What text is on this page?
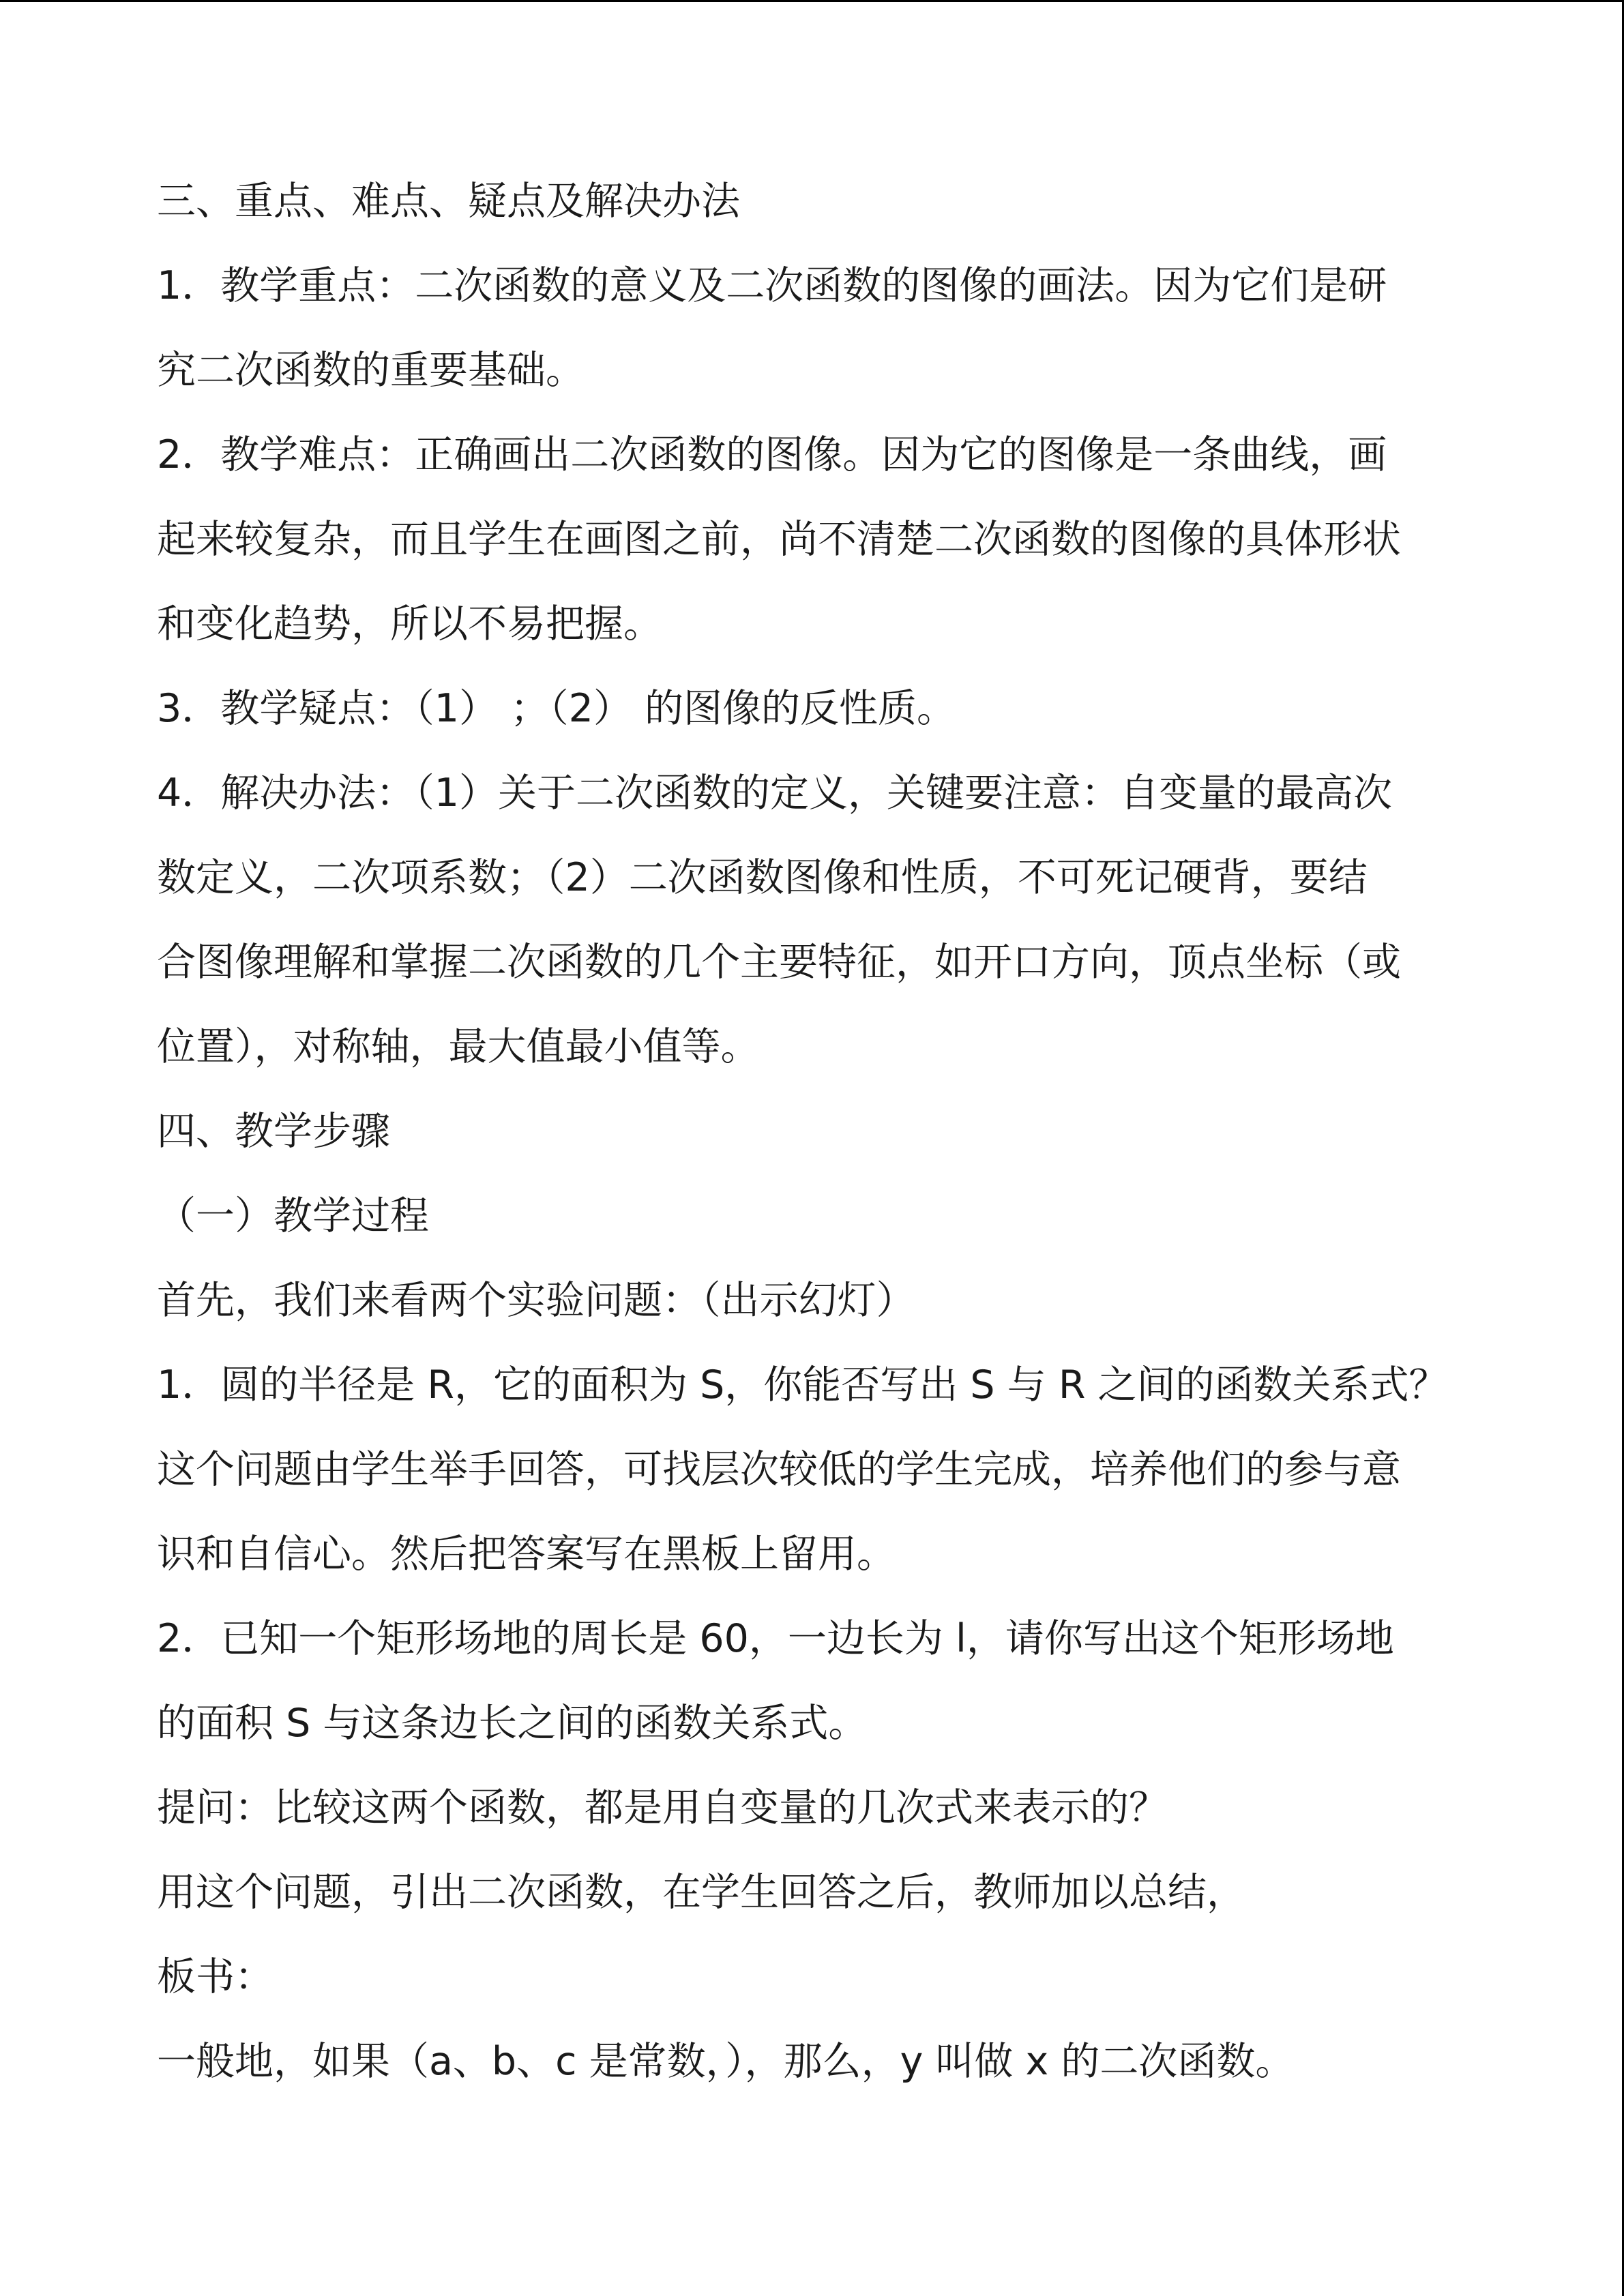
三、重点、难点、疑点及解决办法

1．教学重点：二次函数的意义及二次函数的图像的画法。因为它们是研

究二次函数的重要基础。

2．教学难点：正确画出二次函数的图像。因为它的图像是一条曲线，画

起来较复杂，而且学生在画图之前，尚不清楚二次函数的图像的具体形状

和变化趋势，所以不易把握。

3．教学疑点：（1） ；（2） 的图像的反性质。

4．解决办法：（1）关于二次函数的定义，关键要注意：自变量的最高次

数定义，二次项系数；（2）二次函数图像和性质，不可死记硬背，要结

合图像理解和掌握二次函数的几个主要特征，如开口方向，顶点坐标（或

位置），对称轴，最大值最小值等。

四、教学步骤

（一）教学过程

首先，我们来看两个实验问题：（出示幻灯）

1．圆的半径是 R，它的面积为 S，你能否写出 S 与 R 之间的函数关系式？

这个问题由学生举手回答，可找层次较低的学生完成，培养他们的参与意

识和自信心。然后把答案写在黑板上留用。

2．已知一个矩形场地的周长是 60，一边长为 l，请你写出这个矩形场地

的面积 S 与这条边长之间的函数关系式。

提问：比较这两个函数，都是用自变量的几次式来表示的？

用这个问题，引出二次函数，在学生回答之后，教师加以总结，

板书：

一般地，如果（a、b、c 是常数，），那么，y 叫做 x 的二次函数。
